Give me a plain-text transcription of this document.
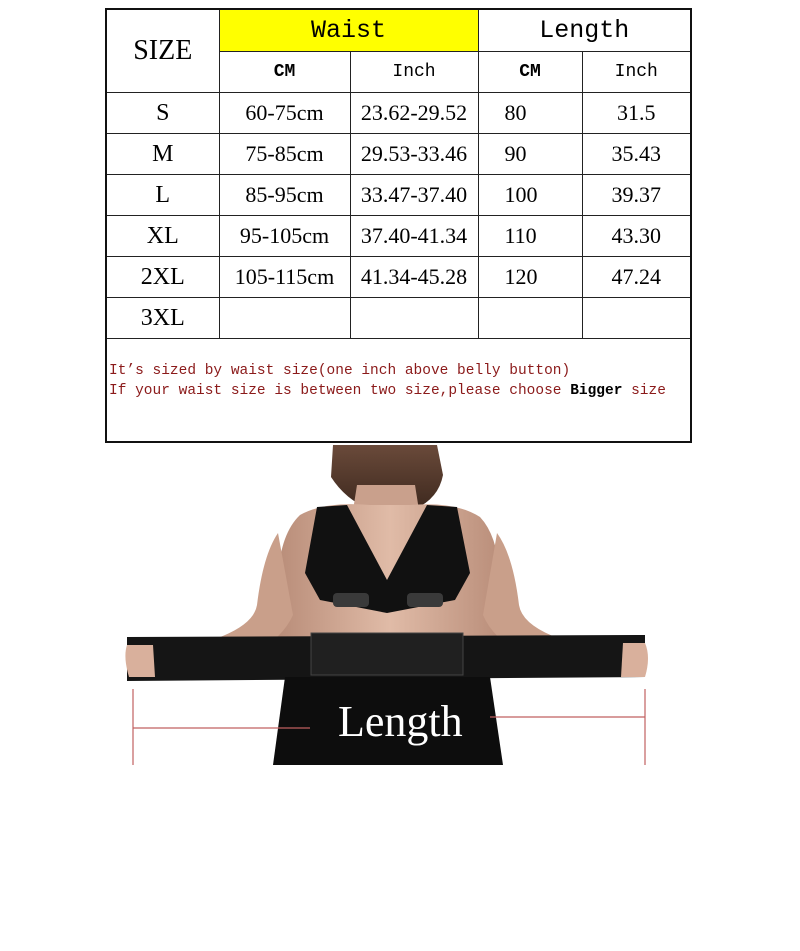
SIZE	Waist		Length	
	CM	Inch	CM	Inch
S	60-75cm	23.62-29.52	80	31.5
M	75-85cm	29.53-33.46	90	35.43
L	85-95cm	33.47-37.40	100	39.37
XL	95-105cm	37.40-41.34	110	43.30
2XL	105-115cm	41.34-45.28	120	47.24
3XL				

It’s sized by waist size(one inch above belly button)
If your waist size is between two size,please choose Bigger size				
Length
